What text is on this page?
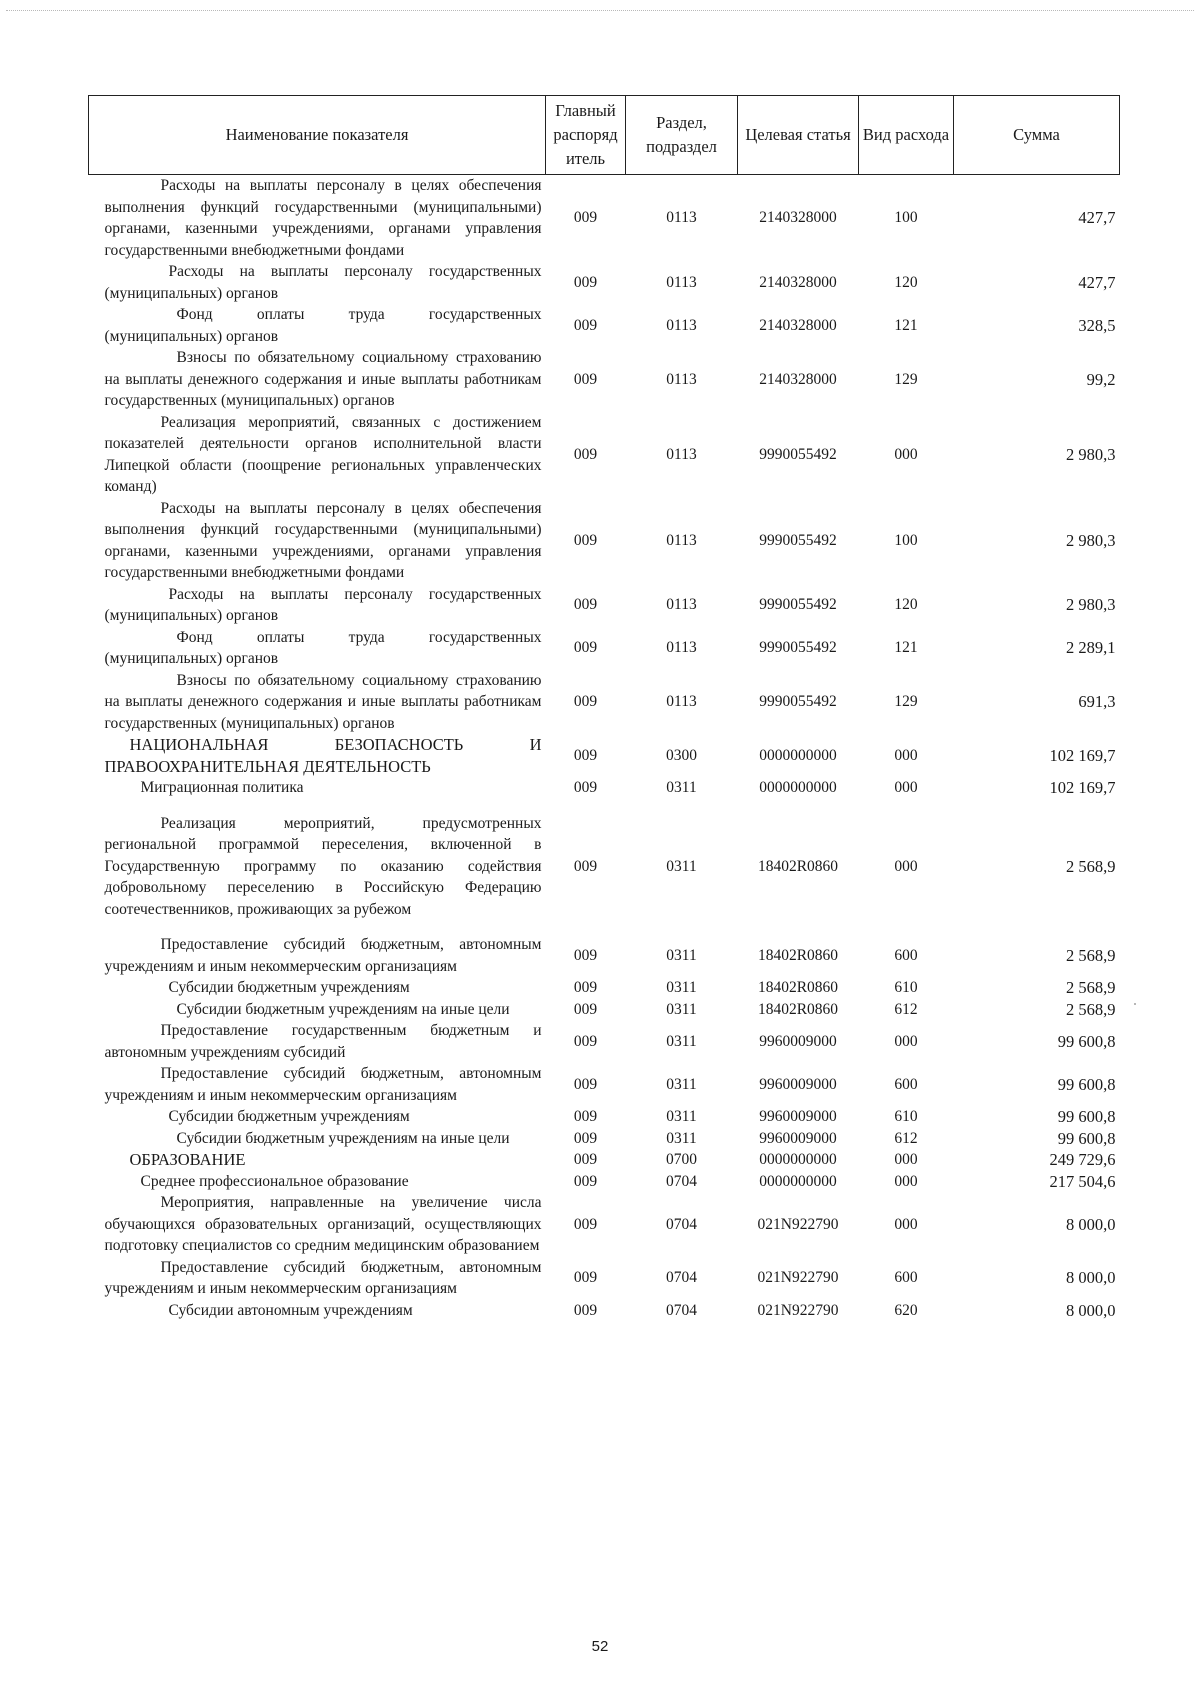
Наименование показателя	Главный распоряд итель	Раздел, подраздел	Целевая статья	Вид расхода	Сумма
Расходы на выплаты персоналу в целях обеспечения выполнения функций государственными (муниципальными) органами, казенными учреждениями, органами управления государственными внебюджетными фондами	009	0113	2140328000	100	427,7
Расходы на выплаты персоналу государственных (муниципальных) органов	009	0113	2140328000	120	427,7
Фонд оплаты труда государственных (муниципальных) органов	009	0113	2140328000	121	328,5
Взносы по обязательному социальному страхованию на выплаты денежного содержания и иные выплаты работникам государственных (муниципальных) органов	009	0113	2140328000	129	99,2
Реализация мероприятий, связанных с достижением показателей деятельности органов исполнительной власти Липецкой области (поощрение региональных управленческих команд)	009	0113	9990055492	000	2 980,3
Расходы на выплаты персоналу в целях обеспечения выполнения функций государственными (муниципальными) органами, казенными учреждениями, органами управления государственными внебюджетными фондами	009	0113	9990055492	100	2 980,3
Расходы на выплаты персоналу государственных (муниципальных) органов	009	0113	9990055492	120	2 980,3
Фонд оплаты труда государственных (муниципальных) органов	009	0113	9990055492	121	2 289,1
Взносы по обязательному социальному страхованию на выплаты денежного содержания и иные выплаты работникам государственных (муниципальных) органов	009	0113	9990055492	129	691,3
НАЦИОНАЛЬНАЯ БЕЗОПАСНОСТЬ И ПРАВООХРАНИТЕЛЬНАЯ ДЕЯТЕЛЬНОСТЬ	009	0300	0000000000	000	102 169,7
Миграционная политика	009	0311	0000000000	000	102 169,7

Реализация мероприятий, предусмотренных региональной программой переселения, включенной в Государственную программу по оказанию содействия добровольному переселению в Российскую Федерацию соотечественников, проживающих за рубежом	009	0311	18402R0860	000	2 568,9

Предоставление субсидий бюджетным, автономным учреждениям и иным некоммерческим организациям	009	0311	18402R0860	600	2 568,9
Субсидии бюджетным учреждениям	009	0311	18402R0860	610	2 568,9
Субсидии бюджетным учреждениям на иные цели	009	0311	18402R0860	612	2 568,9
Предоставление государственным бюджетным и автономным учреждениям субсидий	009	0311	9960009000	000	99 600,8
Предоставление субсидий бюджетным, автономным учреждениям и иным некоммерческим организациям	009	0311	9960009000	600	99 600,8
Субсидии бюджетным учреждениям	009	0311	9960009000	610	99 600,8
Субсидии бюджетным учреждениям на иные цели	009	0311	9960009000	612	99 600,8
ОБРАЗОВАНИЕ	009	0700	0000000000	000	249 729,6
Среднее профессиональное образование	009	0704	0000000000	000	217 504,6
Мероприятия, направленные на увеличение числа обучающихся образовательных организаций, осуществляющих подготовку специалистов со средним медицинским образованием	009	0704	021N922790	000	8 000,0
Предоставление субсидий бюджетным, автономным учреждениям и иным некоммерческим организациям	009	0704	021N922790	600	8 000,0
Субсидии автономным учреждениям	009	0704	021N922790	620	8 000,0
52
